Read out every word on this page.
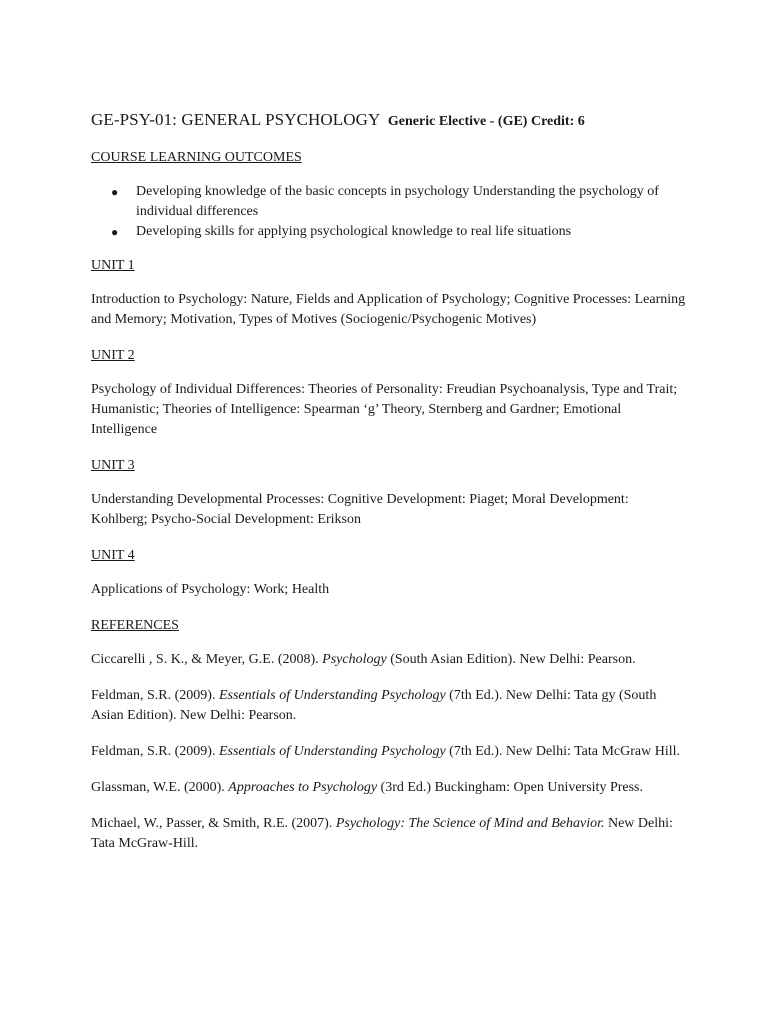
GE-PSY-01: GENERAL PSYCHOLOGY Generic Elective - (GE) Credit: 6
COURSE LEARNING OUTCOMES
● Developing knowledge of the basic concepts in psychology Understanding the psychology of individual differences
● Developing skills for applying psychological knowledge to real life situations
UNIT 1

Introduction to Psychology: Nature, Fields and Application of Psychology; Cognitive Processes: Learning and Memory; Motivation, Types of Motives (Sociogenic/Psychogenic Motives)

UNIT 2

Psychology of Individual Differences: Theories of Personality: Freudian Psychoanalysis, Type and Trait; Humanistic; Theories of Intelligence: Spearman ‘g’ Theory, Sternberg and Gardner; Emotional Intelligence

UNIT 3

Understanding Developmental Processes: Cognitive Development: Piaget; Moral Development: Kohlberg; Psycho-Social Development: Erikson

UNIT 4

Applications of Psychology: Work; Health

REFERENCES

Ciccarelli , S. K., & Meyer, G.E. (2008). Psychology (South Asian Edition). New Delhi: Pearson.

Feldman, S.R. (2009). Essentials of Understanding Psychology (7th Ed.). New Delhi: Tata gy (South Asian Edition). New Delhi: Pearson.

Feldman, S.R. (2009). Essentials of Understanding Psychology (7th Ed.). New Delhi: Tata McGraw Hill.

Glassman, W.E. (2000). Approaches to Psychology (3rd Ed.) Buckingham: Open University Press.

Michael, W., Passer, & Smith, R.E. (2007). Psychology: The Science of Mind and Behavior. New Delhi: Tata McGraw-Hill.
